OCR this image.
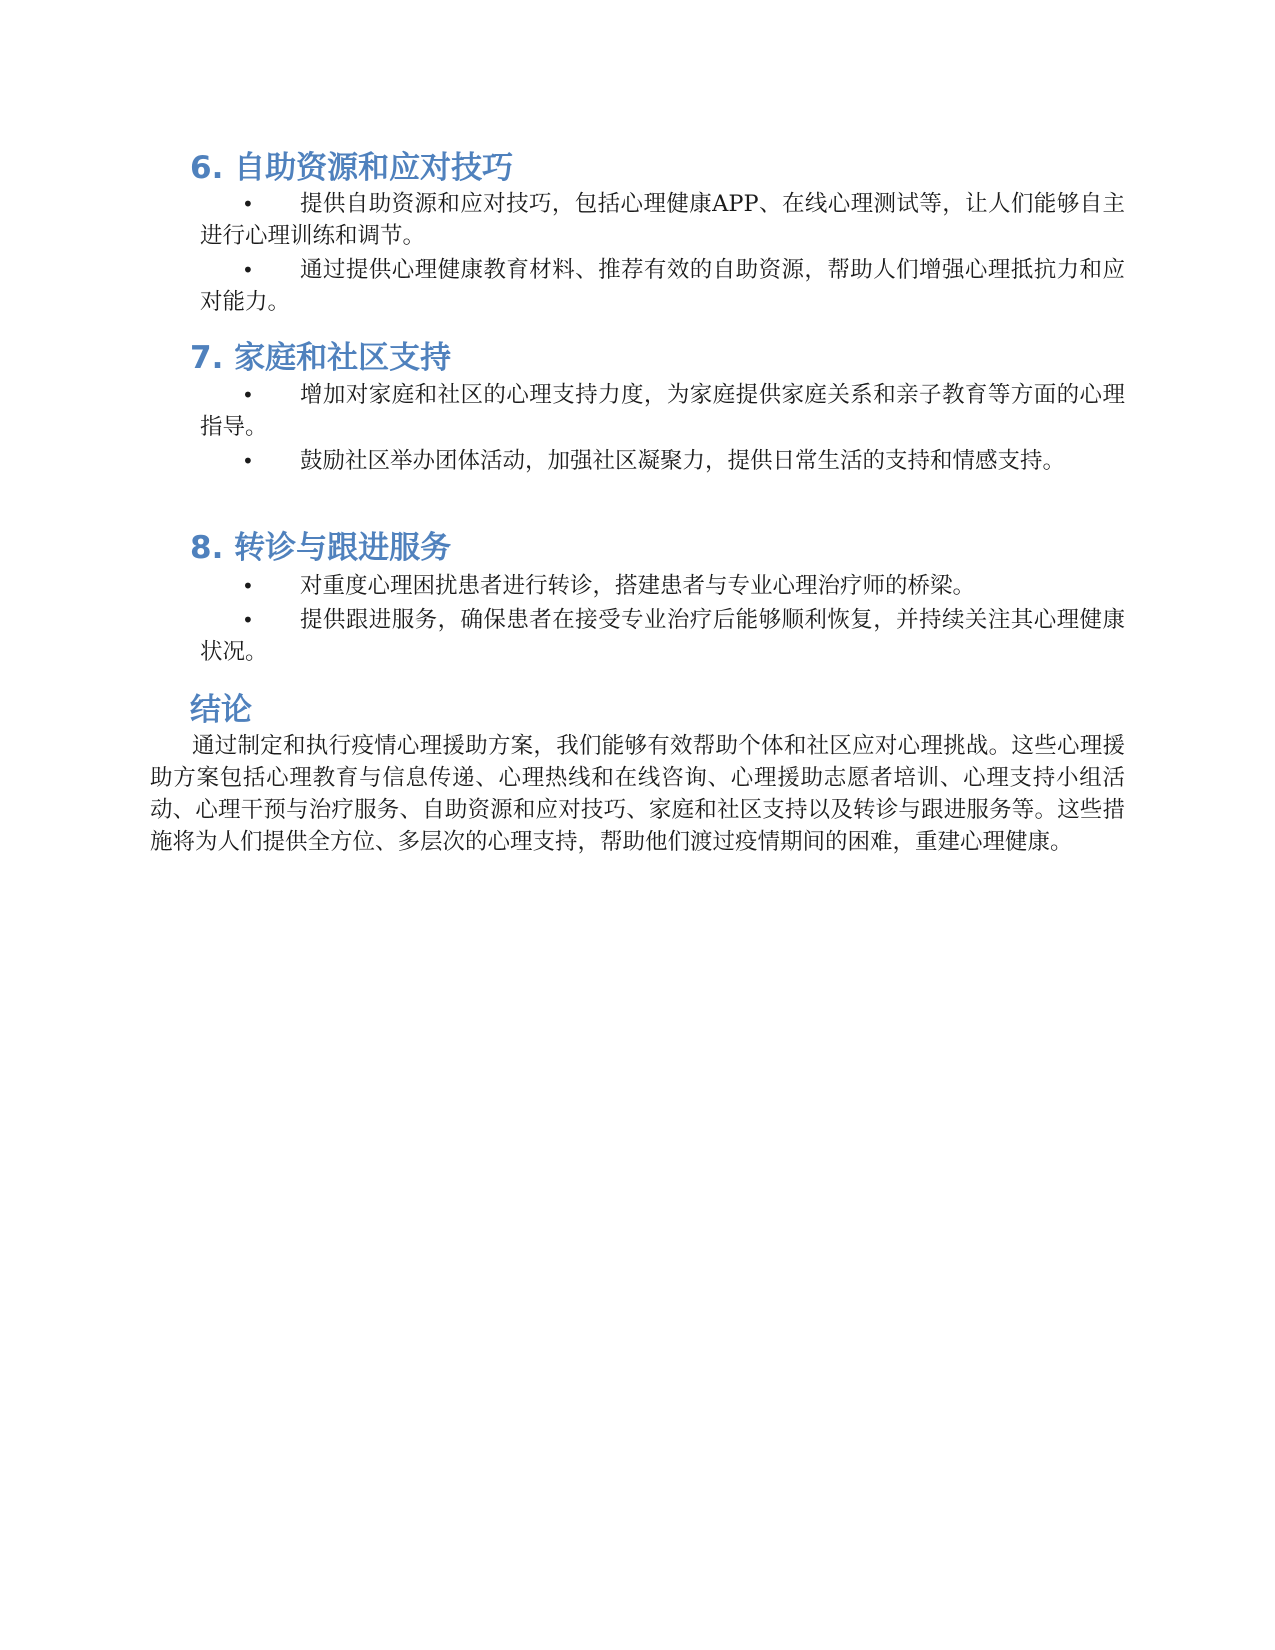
6. 自助资源和应对技巧
•	提供自助资源和应对技巧，包括心理健康APP、在线心理测试等，让人们能够自主进行心理训练和调节。
•	通过提供心理健康教育材料、推荐有效的自助资源，帮助人们增强心理抵抗力和应对能力。
7. 家庭和社区支持
•	增加对家庭和社区的心理支持力度，为家庭提供家庭关系和亲子教育等方面的心理指导。
•	鼓励社区举办团体活动，加强社区凝聚力，提供日常生活的支持和情感支持。
8. 转诊与跟进服务
•	对重度心理困扰患者进行转诊，搭建患者与专业心理治疗师的桥梁。
•	提供跟进服务，确保患者在接受专业治疗后能够顺利恢复，并持续关注其心理健康状况。
结论

通过制定和执行疫情心理援助方案，我们能够有效帮助个体和社区应对心理挑战。这些心理援助方案包括心理教育与信息传递、心理热线和在线咨询、心理援助志愿者培训、心理支持小组活动、心理干预与治疗服务、自助资源和应对技巧、家庭和社区支持以及转诊与跟进服务等。这些措施将为人们提供全方位、多层次的心理支持，帮助他们渡过疫情期间的困难，重建心理健康。
